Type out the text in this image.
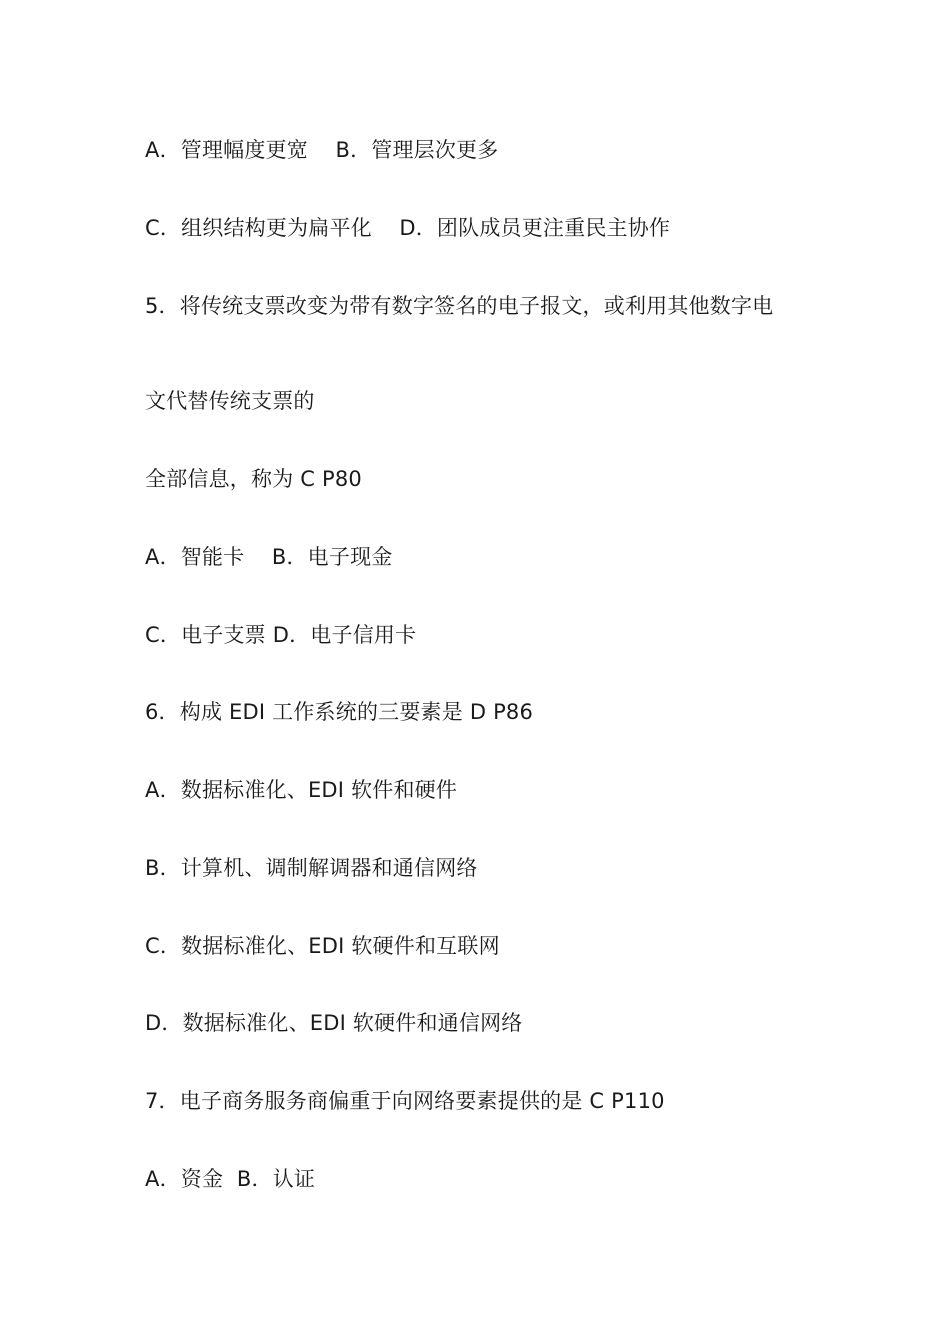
A．管理幅度更宽    B．管理层次更多
C．组织结构更为扁平化    D．团队成员更注重民主协作
5．将传统支票改变为带有数字签名的电子报文，或利用其他数字电
文代替传统支票的
全部信息，称为 C P80
A．智能卡    B．电子现金
C．电子支票 D．电子信用卡
6．构成 EDI 工作系统的三要素是 D P86
A．数据标准化、EDI 软件和硬件
B．计算机、调制解调器和通信网络
C．数据标准化、EDI 软硬件和互联网
D．数据标准化、EDI 软硬件和通信网络
7．电子商务服务商偏重于向网络要素提供的是 C P110
A．资金  B．认证
